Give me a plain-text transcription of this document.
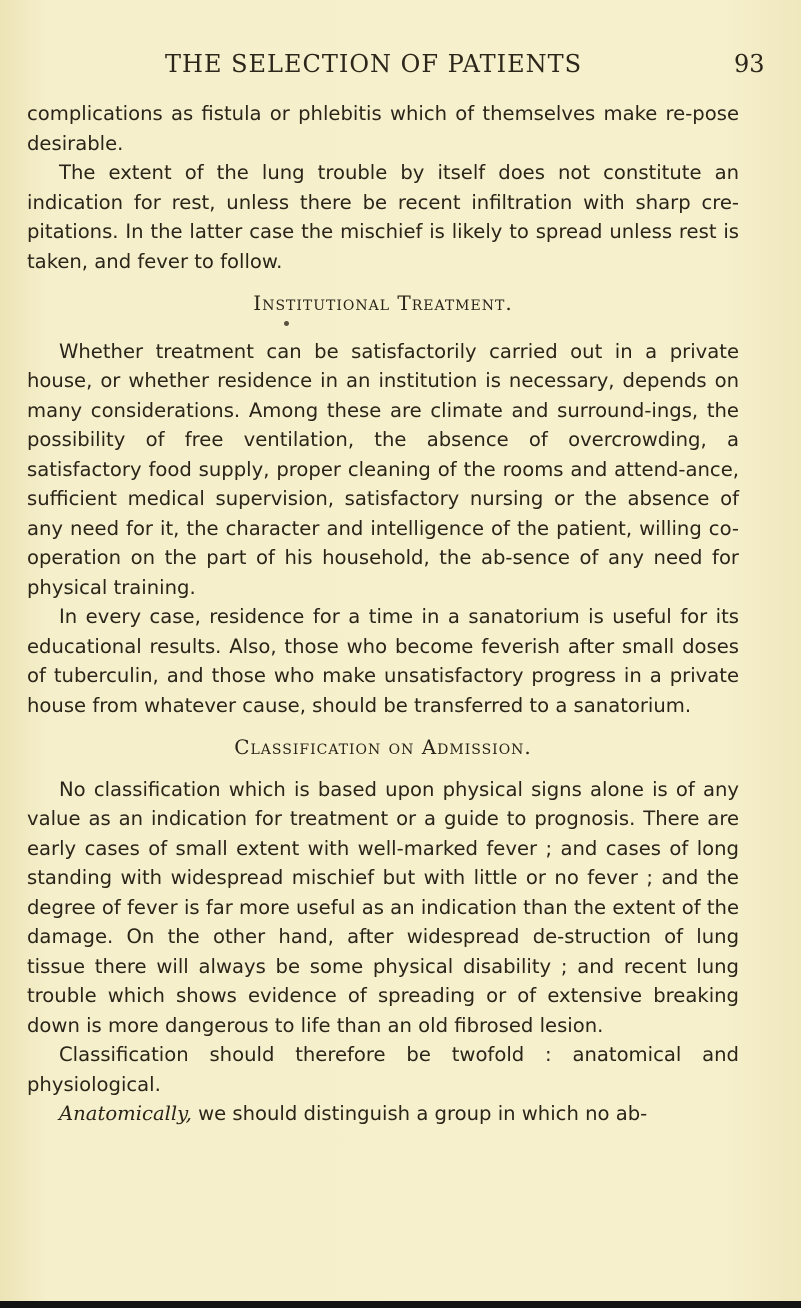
THE SELECTION OF PATIENTS	93

complications as fistula or phlebitis which of themselves make re-pose desirable.

The extent of the lung trouble by itself does not constitute an indication for rest, unless there be recent infiltration with sharp cre-pitations. In the latter case the mischief is likely to spread unless rest is taken, and fever to follow.

Institutional Treatment.

Whether treatment can be satisfactorily carried out in a private house, or whether residence in an institution is necessary, depends on many considerations. Among these are climate and surround-ings, the possibility of free ventilation, the absence of overcrowding, a satisfactory food supply, proper cleaning of the rooms and attend-ance, sufficient medical supervision, satisfactory nursing or the absence of any need for it, the character and intelligence of the patient, willing co-operation on the part of his household, the ab-sence of any need for physical training.

In every case, residence for a time in a sanatorium is useful for its educational results. Also, those who become feverish after small doses of tuberculin, and those who make unsatisfactory progress in a private house from whatever cause, should be transferred to a sanatorium.

Classification on Admission.

No classification which is based upon physical signs alone is of any value as an indication for treatment or a guide to prognosis. There are early cases of small extent with well-marked fever ; and cases of long standing with widespread mischief but with little or no fever ; and the degree of fever is far more useful as an indication than the extent of the damage. On the other hand, after widespread de-struction of lung tissue there will always be some physical disability ; and recent lung trouble which shows evidence of spreading or of extensive breaking down is more dangerous to life than an old fibrosed lesion.

Classification should therefore be twofold : anatomical and physiological.

Anatomically, we should distinguish a group in which no ab-
